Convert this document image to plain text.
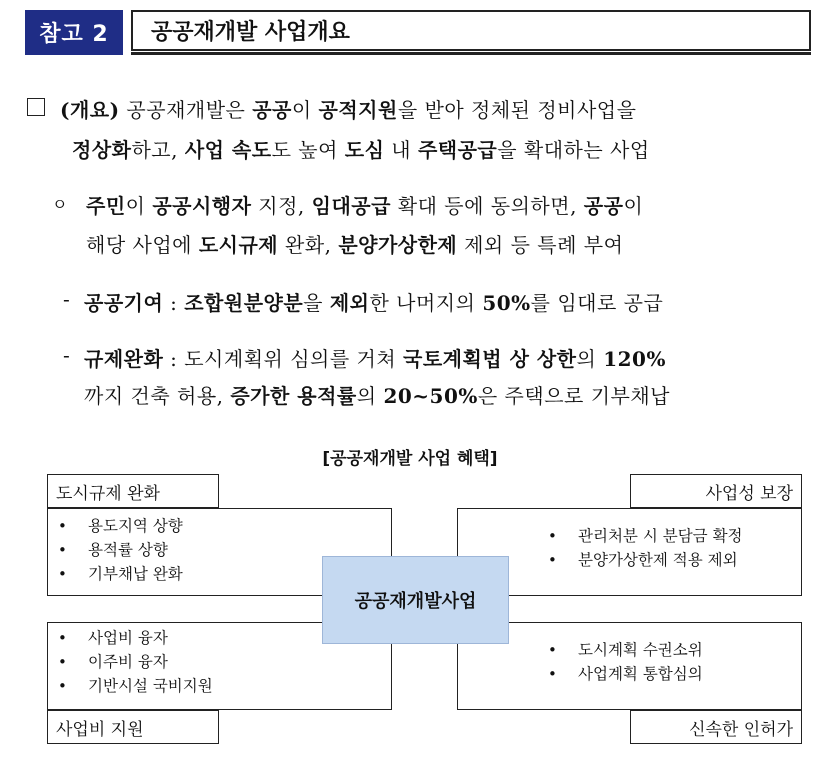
참고 2	공공재개발 사업개요
(개요) 공공재개발은 공공이 공적지원을 받아 정체된 정비사업을
정상화하고, 사업 속도도 높여 도심 내 주택공급을 확대하는 사업
ㅇ 주민이 공공시행자 지정, 임대공급 확대 등에 동의하면, 공공이
해당 사업에 도시규제 완화, 분양가상한제 제외 등 특례 부여
- 공공기여 : 조합원분양분을 제외한 나머지의 50%를 임대로 공급
- 규제완화 : 도시계획위 심의를 거쳐 국토계획법 상 상한의 120%
까지 건축 허용, 증가한 용적률의 20~50%은 주택으로 기부채납
[공공재개발 사업 혜택]
도시규제 완화
• 용도지역 상향
• 용적률 상향
• 기부채납 완화
사업성 보장
• 관리처분 시 분담금 확정
• 분양가상한제 적용 제외
• 사업비 융자
• 이주비 융자
• 기반시설 국비지원
사업비 지원
• 도시계획 수권소위
• 사업계획 통합심의
신속한 인허가
공공재개발사업
